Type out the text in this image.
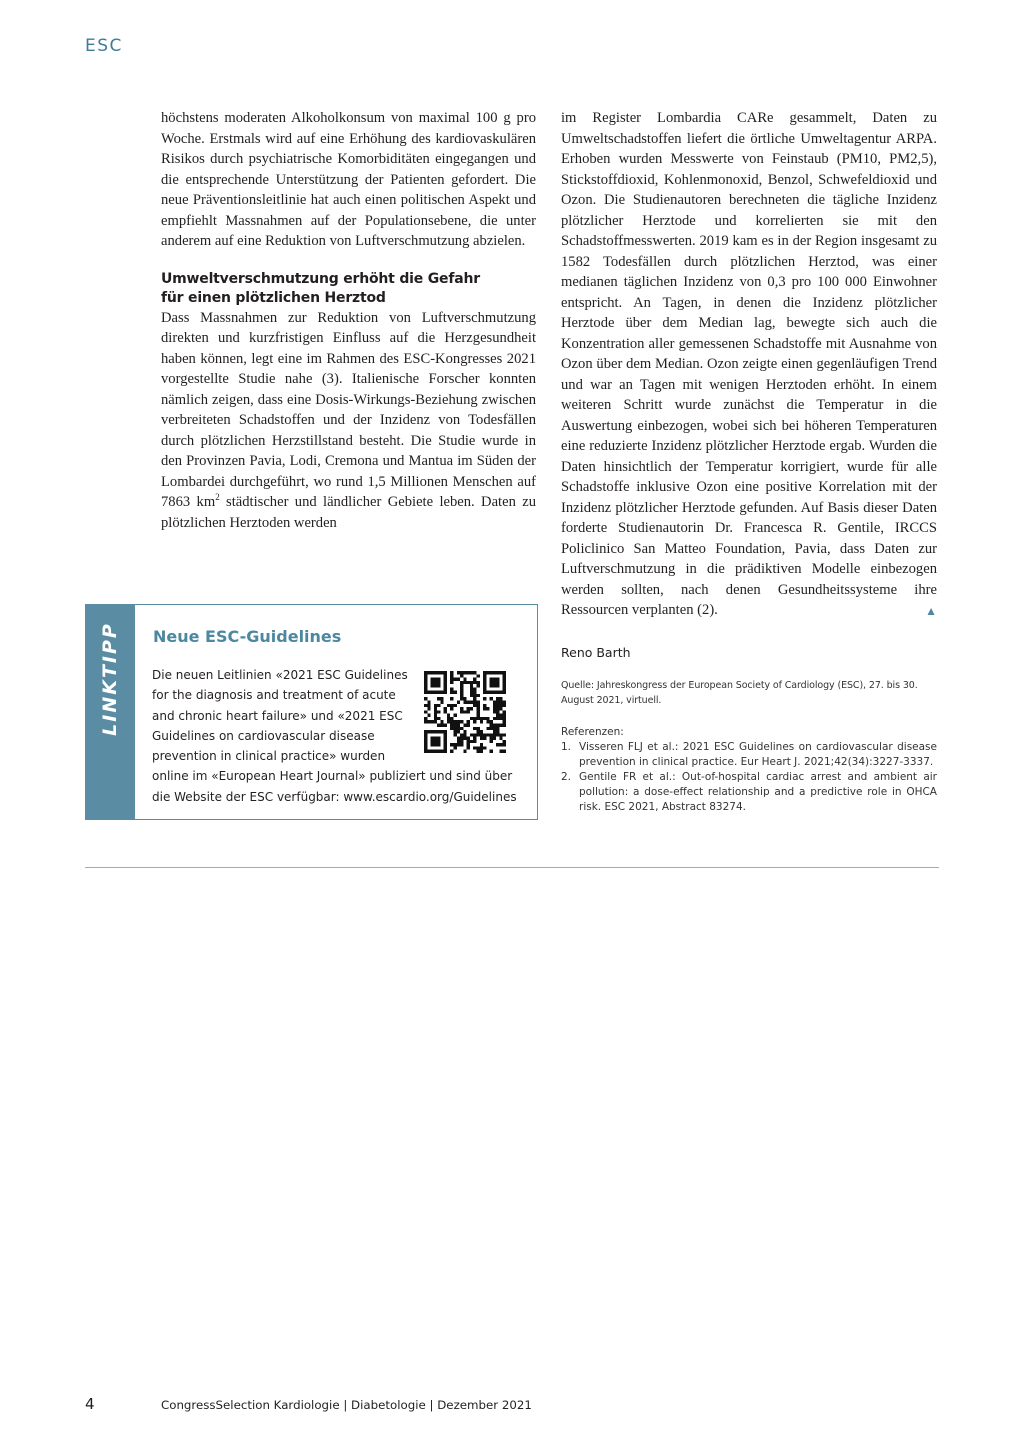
ESC

höchstens moderaten Alkoholkonsum von maximal 100 g pro Woche. Erstmals wird auf eine Erhöhung des kardiovaskulären Risikos durch psychiatrische Komorbiditäten eingegangen und die entsprechende Unterstützung der Patienten gefordert. Die neue Präventionsleitlinie hat auch einen politischen Aspekt und empfiehlt Massnahmen auf der Populationsebene, die unter anderem auf eine Reduktion von Luftverschmutzung abzielen.

Umweltverschmutzung erhöht die Gefahr
für einen plötzlichen Herztod

Dass Massnahmen zur Reduktion von Luftverschmutzung direkten und kurzfristigen Einfluss auf die Herzgesundheit haben können, legt eine im Rahmen des ESC-Kongresses 2021 vorgestellte Studie nahe (3). Italienische Forscher konnten nämlich zeigen, dass eine Dosis-Wirkungs-Beziehung zwischen verbreiteten Schadstoffen und der Inzidenz von Todesfällen durch plötzlichen Herzstillstand besteht. Die Studie wurde in den Provinzen Pavia, Lodi, Cremona und Mantua im Süden der Lombardei durchgeführt, wo rund 1,5 Millionen Menschen auf 7863 $km^2$ städtischer und ländlicher Gebiete leben. Daten zu plötzlichen Herztoden werden

im Register Lombardia CARe gesammelt, Daten zu Umweltschadstoffen liefert die örtliche Umweltagentur ARPA. Erhoben wurden Messwerte von Feinstaub (PM10, PM2,5), Stickstoffdioxid, Kohlenmonoxid, Benzol, Schwefeldioxid und Ozon. Die Studienautoren berechneten die tägliche Inzidenz plötzlicher Herztode und korrelierten sie mit den Schadstoffmesswerten. 2019 kam es in der Region insgesamt zu 1582 Todesfällen durch plötzlichen Herztod, was einer medianen täglichen Inzidenz von 0,3 pro 100 000 Einwohner entspricht. An Tagen, in denen die Inzidenz plötzlicher Herztode über dem Median lag, bewegte sich auch die Konzentration aller gemessenen Schadstoffe mit Ausnahme von Ozon über dem Median. Ozon zeigte einen gegenläufigen Trend und war an Tagen mit wenigen Herztoden erhöht. In einem weiteren Schritt wurde zunächst die Temperatur in die Auswertung einbezogen, wobei sich bei höheren Temperaturen eine reduzierte Inzidenz plötzlicher Herztode ergab. Wurden die Daten hinsichtlich der Temperatur korrigiert, wurde für alle Schadstoffe inklusive Ozon eine positive Korrelation mit der Inzidenz plötzlicher Herztode gefunden. Auf Basis dieser Daten forderte Studienautorin Dr. Francesca R. Gentile, IRCCS Policlinico San Matteo Foundation, Pavia, dass Daten zur Luftverschmutzung in die prädiktiven Modelle einbezogen werden sollten, nach denen Gesundheitssysteme ihre Ressourcen verplanten (2).	▲

Reno Barth
Quelle: Jahreskongress der European Society of Cardiology (ESC), 27. bis 30. August 2021, virtuell.
Referenzen:
1. Visseren FLJ et al.: 2021 ESC Guidelines on cardiovascular disease prevention in clinical practice. Eur Heart J. 2021;42(34):3227-3337.
2. Gentile FR et al.: Out-of-hospital cardiac arrest and ambient air pollution: a dose-effect relationship and a predictive role in OHCA risk. ESC 2021, Abstract 83274.
LINKTIPP Neue ESC-Guidelines
Die neuen Leitlinien «2021 ESC Guidelines for the diagnosis and treatment of acute and chronic heart failure» und «2021 ESC Guidelines on cardiovascular disease prevention in clinical practice» wurden online im «European Heart Journal» publiziert und sind über die Website der ESC verfügbar: www.escardio.org/Guidelines
4	CongressSelection Kardiologie | Diabetologie | Dezember 2021
